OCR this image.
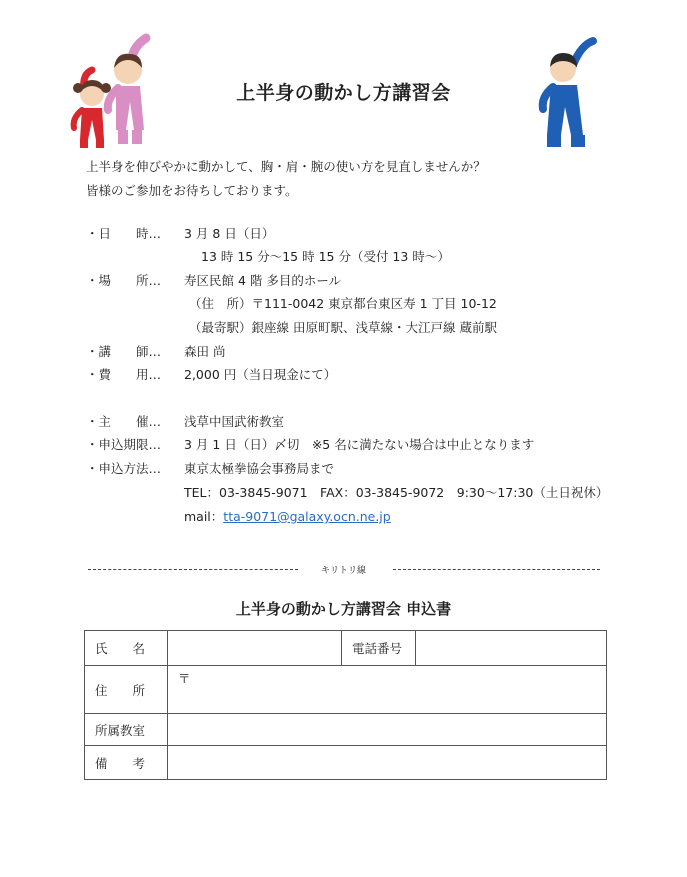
上半身の動かし方講習会
上半身を伸びやかに動かして、胸・肩・腕の使い方を見直しませんか？
皆様のご参加をお待ちしております。
・日　　時… 3 月 8 日（日）
13 時 15 分〜15 時 15 分（受付 13 時〜）
・場　　所… 寿区民館 4 階 多目的ホール
（住　所）〒111-0042 東京都台東区寿 1 丁目 10-12
（最寄駅）銀座線 田原町駅、浅草線・大江戸線 蔵前駅
・講　　師… 森田 尚
・費　　用… 2,000 円（当日現金にて）
・主　　催… 浅草中国武術教室
・申込期限… 3 月 1 日（日）〆切　※5 名に満たない場合は中止となります
・申込方法… 東京太極拳協会事務局まで
TEL：03-3845-9071　FAX：03-3845-9072　9:30〜17:30（土日祝休）
mail：tta-9071@galaxy.ocn.ne.jp
キリトリ線
上半身の動かし方講習会 申込書
氏　　名		電話番号	
住　　所	〒		
所属教室			
備　　考			
